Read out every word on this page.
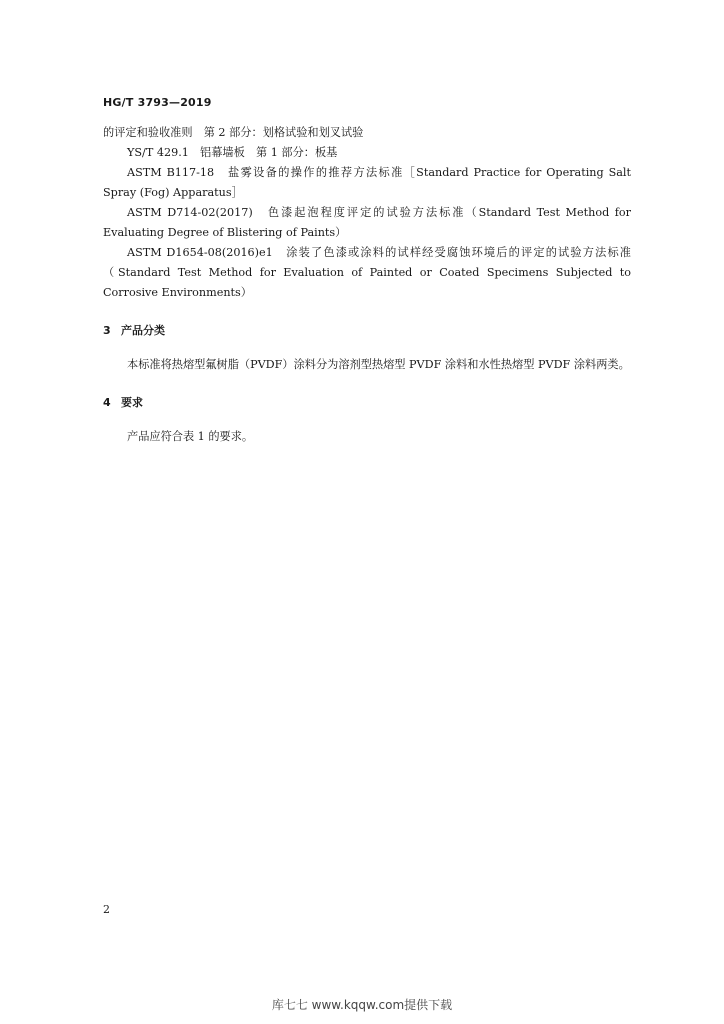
HG/T 3793—2019

的评定和验收准则　第 2 部分：划格试验和划叉试验

YS/T 429.1　铝幕墙板　第 1 部分：板基

ASTM B117-18　盐雾设备的操作的推荐方法标准［Standard Practice for Operating Salt Spray (Fog) Apparatus］

ASTM D714-02(2017)　色漆起泡程度评定的试验方法标准（Standard Test Method for Evaluating Degree of Blistering of Paints）

ASTM D1654-08(2016)e1　涂装了色漆或涂料的试样经受腐蚀环境后的评定的试验方法标准（Standard Test Method for Evaluation of Painted or Coated Specimens Subjected to Corrosive Environments）

3 产品分类

本标准将热熔型氟树脂（PVDF）涂料分为溶剂型热熔型 PVDF 涂料和水性热熔型 PVDF 涂料两类。

4 要求

产品应符合表 1 的要求。

2
库七七 www.kqqw.com提供下载
